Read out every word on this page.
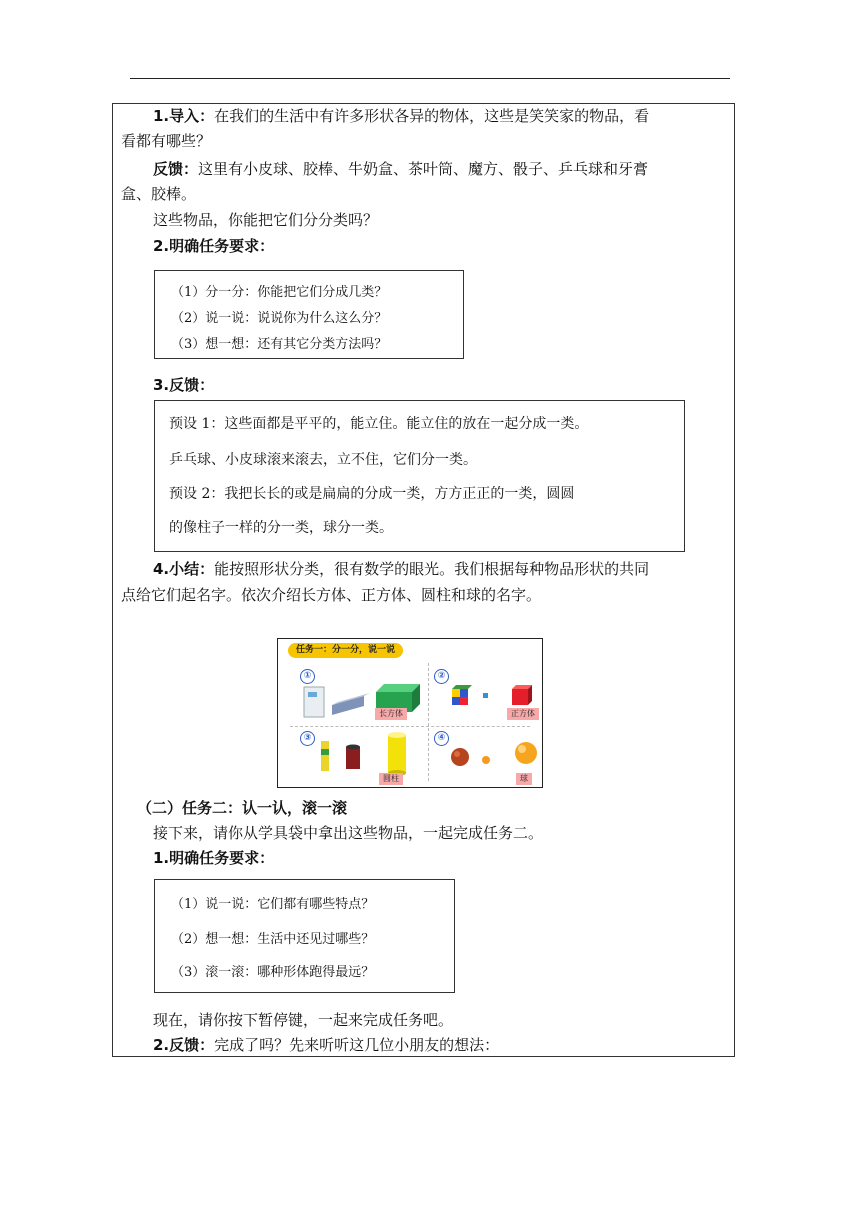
1.导入：在我们的生活中有许多形状各异的物体，这些是笑笑家的物品，看
看都有哪些？
反馈：这里有小皮球、胶棒、牛奶盒、茶叶筒、魔方、骰子、乒乓球和牙膏
盒、胶棒。
这些物品，你能把它们分分类吗？
2.明确任务要求：
（1）分一分：你能把它们分成几类？
（2）说一说：说说你为什么这么分？
（3）想一想：还有其它分类方法吗？
3.反馈：
预设 1：这些面都是平平的，能立住。能立住的放在一起分成一类。
乒乓球、小皮球滚来滚去，立不住，它们分一类。
预设 2：我把长长的或是扁扁的分成一类，方方正正的一类，圆圆
的像柱子一样的分一类，球分一类。
4.小结：能按照形状分类，很有数学的眼光。我们根据每种物品形状的共同
点给它们起名字。依次介绍长方体、正方体、圆柱和球的名字。
任务一：分一分，说一说
①	②
③	④
长方体	正方体
圆柱	球
（二）任务二：认一认，滚一滚
接下来，请你从学具袋中拿出这些物品，一起完成任务二。
1.明确任务要求：
（1）说一说：它们都有哪些特点？
（2）想一想：生活中还见过哪些？
（3）滚一滚：哪种形体跑得最远？
现在，请你按下暂停键，一起来完成任务吧。
2.反馈：完成了吗？先来听听这几位小朋友的想法：
